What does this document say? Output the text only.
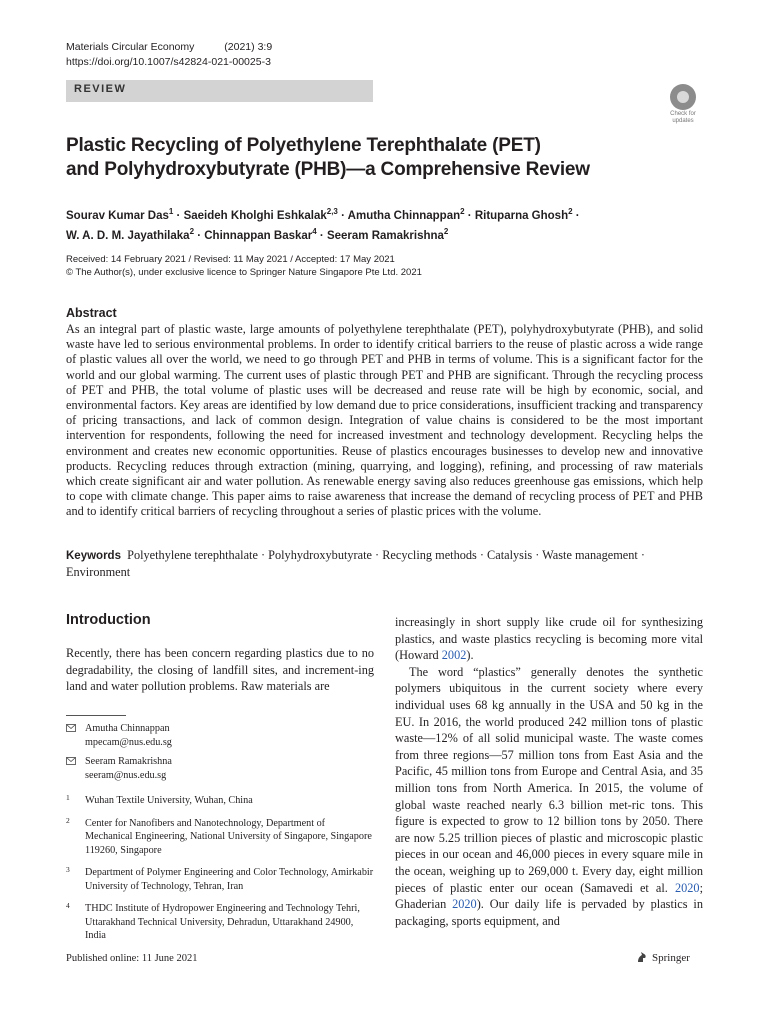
Materials Circular Economy	(2021) 3:9
https://doi.org/10.1007/s42824-021-00025-3
REVIEW
Check for updates
Plastic Recycling of Polyethylene Terephthalate (PET)
and Polyhydroxybutyrate (PHB)—a Comprehensive Review
Sourav Kumar Das$^1$ · Saeideh Kholghi Eshkalak$^{2,3}$ · Amutha Chinnappan$^2$ · Rituparna Ghosh$^2$ ·
W. A. D. M. Jayathilaka$^2$ · Chinnappan Baskar$^4$ · Seeram Ramakrishna$^2$
Received: 14 February 2021 / Revised: 11 May 2021 / Accepted: 17 May 2021
© The Author(s), under exclusive licence to Springer Nature Singapore Pte Ltd. 2021
Abstract
As an integral part of plastic waste, large amounts of polyethylene terephthalate (PET), polyhydroxybutyrate (PHB), and solid waste have led to serious environmental problems. In order to identify critical barriers to the reuse of plastic across a wide range of plastic values all over the world, we need to go through PET and PHB in terms of volume. This is a significant factor for the world and our global warming. The current uses of plastic through PET and PHB are significant. Through the recycling process of PET and PHB, the total volume of plastic uses will be decreased and reuse rate will be high by economic, social, and environmental factors. Key areas are identified by low demand due to price considerations, insufficient tracking and transparency of pricing transactions, and lack of common design. Integration of value chains is considered to be the most important intervention for respondents, following the need for increased investment and technology development. Recycling helps the environment and creates new economic opportunities. Reuse of plastics encourages businesses to develop new and innovative products. Recycling reduces through extraction (mining, quarrying, and logging), refining, and processing of raw materials which create significant air and water pollution. As renewable energy saving also reduces greenhouse gas emissions, which help to cope with climate change. This paper aims to raise awareness that increase the demand of recycling process of PET and PHB and to identify critical barriers of recycling throughout a series of plastic prices with the volume.
Keywords Polyethylene terephthalate · Polyhydroxybutyrate · Recycling methods · Catalysis · Waste management · Environment
Introduction
Recently, there has been concern regarding plastics due to no degradability, the closing of landfill sites, and increment-ing land and water pollution problems. Raw materials are
Amutha Chinnappan
mpecam@nus.edu.sg
Seeram Ramakrishna
seeram@nus.edu.sg
1 Wuhan Textile University, Wuhan, China
2 Center for Nanofibers and Nanotechnology, Department of Mechanical Engineering, National University of Singapore, Singapore 119260, Singapore
3 Department of Polymer Engineering and Color Technology, Amirkabir University of Technology, Tehran, Iran
4 THDC Institute of Hydropower Engineering and Technology Tehri, Uttarakhand Technical University, Dehradun, Uttarakhand 24900, India

increasingly in short supply like crude oil for synthesizing plastics, and waste plastics recycling is becoming more vital (Howard 2002).

The word “plastics” generally denotes the synthetic polymers ubiquitous in the current society where every individual uses 68 kg annually in the USA and 50 kg in the EU. In 2016, the world produced 242 million tons of plastic waste—12% of all solid municipal waste. The waste comes from three regions—57 million tons from East Asia and the Pacific, 45 million tons from Europe and Central Asia, and 35 million tons from North America. In 2015, the volume of global waste reached nearly 6.3 billion met-ric tons. This figure is expected to grow to 12 billion tons by 2050. There are now 5.25 trillion pieces of plastic and microscopic plastic pieces in our ocean and 46,000 pieces in every square mile in the ocean, weighing up to 269,000 t. Every day, eight million pieces of plastic enter our ocean (Samavedi et al. 2020; Ghaderian 2020). Our daily life is pervaded by plastics in packaging, sports equipment, and

Published online: 11 June 2021	Springer
